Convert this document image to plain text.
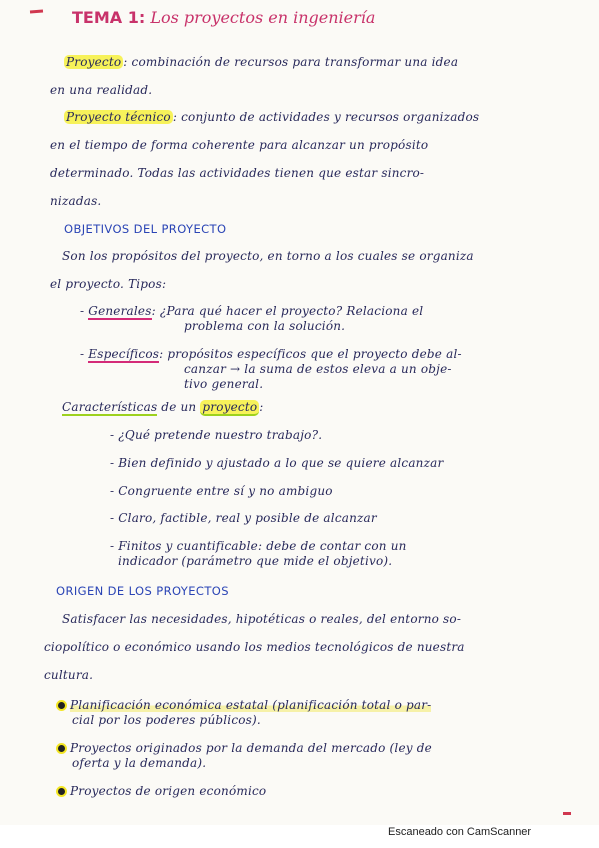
TEMA 1: Los proyectos en ingeniería
Proyecto : combinación de recursos para transformar una idea
en una realidad.
Proyecto técnico : conjunto de actividades y recursos organizados
en el tiempo de forma coherente para alcanzar un propósito
determinado. Todas las actividades tienen que estar sincro-
nizadas.
OBJETIVOS DEL PROYECTO
Son los propósitos del proyecto, en torno a los cuales se organiza
el proyecto. Tipos:
- Generales: ¿Para qué hacer el proyecto? Relaciona el
problema con la solución.
- Específicos: propósitos específicos que el proyecto debe al-
canzar → la suma de estos eleva a un obje-
tivo general.
Características de un proyecto :
- ¿Qué pretende nuestro trabajo?.
- Bien definido y ajustado a lo que se quiere alcanzar
- Congruente entre sí y no ambiguo
- Claro, factible, real y posible de alcanzar
- Finitos y cuantificable: debe de contar con un
indicador (parámetro que mide el objetivo).
ORIGEN DE LOS PROYECTOS
Satisfacer las necesidades, hipotéticas o reales, del entorno so-
ciopolítico o económico usando los medios tecnológicos de nuestra
cultura.
Planificación económica estatal (planificación total o par-
cial por los poderes públicos).
Proyectos originados por la demanda del mercado (ley de
oferta y la demanda).
Proyectos de origen económico
Escaneado con CamScanner
